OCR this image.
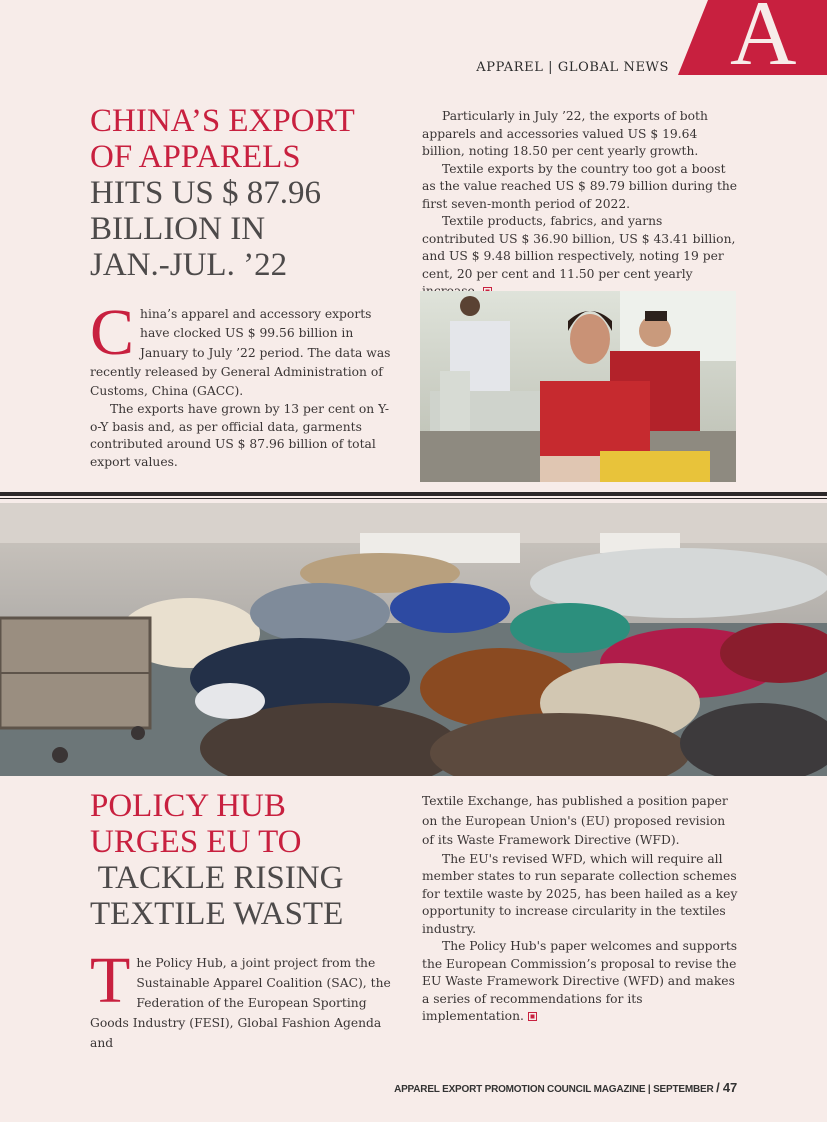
A
APPAREL | GLOBAL NEWS
CHINA’S EXPORT
OF APPARELS
HITS US $ 87.96
BILLION IN
JAN.-JUL. ’22

China’s apparel and accessory exports have clocked US $ 99.56 billion in January to July ’22 period. The data was recently released by General Administration of Customs, China (GACC).

The exports have grown by 13 per cent on Y-o-Y basis and, as per official data, garments contributed around US $ 87.96 billion of total export values.

Particularly in July ’22, the exports of both apparels and accessories valued US $ 19.64 billion, noting 18.50 per cent yearly growth.

Textile exports by the country too got a boost as the value reached US $ 89.79 billion during the first seven-month period of 2022.

Textile products, fabrics, and yarns contributed US $ 36.90 billion, US $ 43.41 billion, and US $ 9.48 billion respectively, noting 19 per cent, 20 per cent and 11.50 per cent yearly

POLICY HUB
URGES EU TO
TACKLE RISING
TEXTILE WASTE

The Policy Hub, a joint project from the Sustainable Apparel Coalition (SAC), the Federation of the European Sporting Goods Industry (FESI), Global Fashion Agenda and

Textile Exchange, has published a position paper on the European Union's (EU) proposed revision of its Waste Framework Directive (WFD).

The EU's revised WFD, which will require all member states to run separate collection schemes for textile waste by 2025, has been hailed as a key opportunity to increase circularity in the textiles industry.

The Policy Hub's paper welcomes and supports the European Commission’s proposal to revise the EU Waste Framework Directive (WFD) and makes a series of recommendations for its implementation.

APPAREL EXPORT PROMOTION COUNCIL MAGAZINE | SEPTEMBER / 47
